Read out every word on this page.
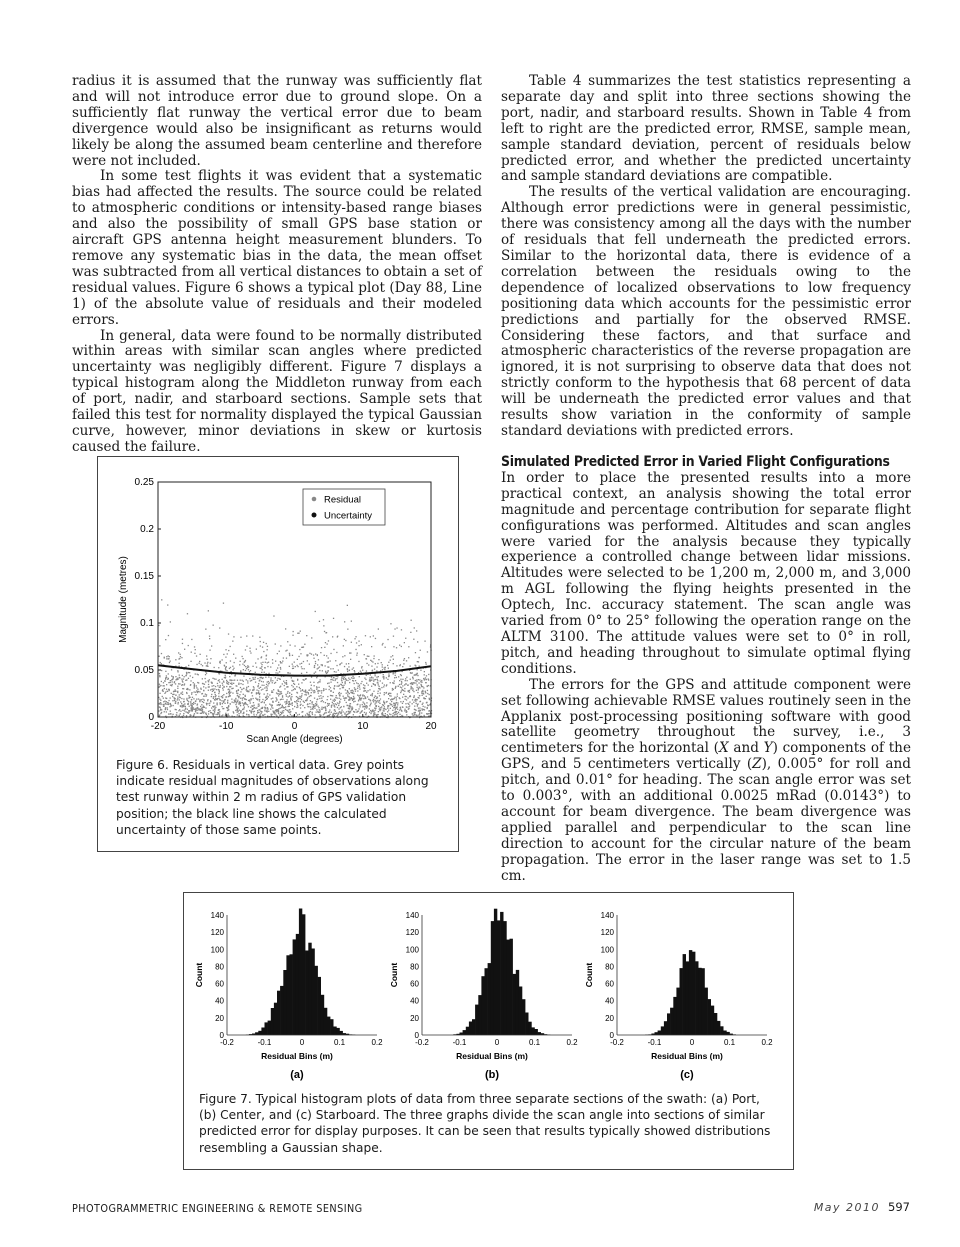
radius it is assumed that the runway was sufficiently flat and will not introduce error due to ground slope. On a sufficiently flat runway the vertical error due to beam divergence would also be insignificant as returns would likely be along the assumed beam centerline and therefore were not included.

In some test flights it was evident that a systematic bias had affected the results. The source could be related to atmospheric conditions or intensity-based range biases and also the possibility of small GPS base station or aircraft GPS antenna height measurement blunders. To remove any systematic bias in the data, the mean offset was subtracted from all vertical distances to obtain a set of residual values. Figure 6 shows a typical plot (Day 88, Line 1) of the absolute value of residuals and their modeled errors.

In general, data were found to be normally distributed within areas with similar scan angles where predicted uncertainty was negligibly different. Figure 7 displays a typical histogram along the Middleton runway from each of port, nadir, and starboard sections. Sample sets that failed this test for normality displayed the typical Gaussian curve, however, minor deviations in skew or kurtosis caused the failure.

Table 4 summarizes the test statistics representing a separate day and split into three sections showing the port, nadir, and starboard results. Shown in Table 4 from left to right are the predicted error, RMSE, sample mean, sample standard deviation, percent of residuals below predicted error, and whether the predicted uncertainty and sample standard deviations are compatible.

The results of the vertical validation are encouraging. Although error predictions were in general pessimistic, there was consistency among all the days with the number of residuals that fell underneath the predicted errors. Similar to the horizontal data, there is evidence of a correlation between the residuals owing to the dependence of localized observations to low frequency positioning data which accounts for the pessimistic error predictions and partially for the observed RMSE. Considering these factors, and that surface and atmospheric characteristics of the reverse propagation are ignored, it is not surprising to observe data that does not strictly conform to the hypothesis that 68 percent of data will be underneath the predicted error values and that results show variation in the conformity of sample standard deviations with predicted errors.

Simulated Predicted Error in Varied Flight Configurations

In order to place the presented results into a more practical context, an analysis showing the total error magnitude and percentage contribution for separate flight configurations was performed. Altitudes and scan angles were varied for the analysis because they typically experience a controlled change between lidar missions. Altitudes were selected to be 1,200 m, 2,000 m, and 3,000 m AGL following the flying heights presented in the Optech, Inc. accuracy statement. The scan angle was varied from 0° to 25° following the operation range on the ALTM 3100. The attitude values were set to 0° in roll, pitch, and heading throughout to simulate optimal flying conditions.

The errors for the GPS and attitude component were set following achievable RMSE values routinely seen in the Applanix post-processing positioning software with good satellite geometry throughout the survey, i.e., 3 centimeters for the horizontal (X and Y) components of the GPS, and 5 centimeters vertically (Z), 0.005° for roll and pitch, and 0.01° for heading. The scan angle error was set to 0.003°, with an additional 0.0025 mRad (0.0143°) to account for beam divergence. The beam divergence was applied parallel and perpendicular to the scan line direction to account for the circular nature of the beam propagation. The error in the laser range was set to 1.5 cm.

-20	-10	0	10	20
0
0.05
0.1
0.15
0.2
0.25
Scan Angle (degrees)
Magnitude (metres)
Residual
Uncertainty
Figure 6. Residuals in vertical data. Grey points indicate residual magnitudes of observations along test runway within 2 m radius of GPS validation position; the black line shows the calculated uncertainty of those same points.
0
20
40
60
80
100
120
140
-0.2	-0.1	0	0.1	0.2
Residual Bins (m)
Count
(a)
0
20
40
60
80
100
120
140
-0.2	-0.1	0	0.1	0.2
Residual Bins (m)
Count
(b)
0
20
40
60
80
100
120
140
-0.2	-0.1	0	0.1	0.2
Residual Bins (m)
Count
(c)
Figure 7. Typical histogram plots of data from three separate sections of the swath: (a) Port, (b) Center, and (c) Starboard. The three graphs divide the scan angle into sections of similar predicted error for display purposes. It can be seen that results typically showed distributions resembling a Gaussian shape.
PHOTOGRAMMETRIC ENGINEERING & REMOTE SENSING	May 2010 597
